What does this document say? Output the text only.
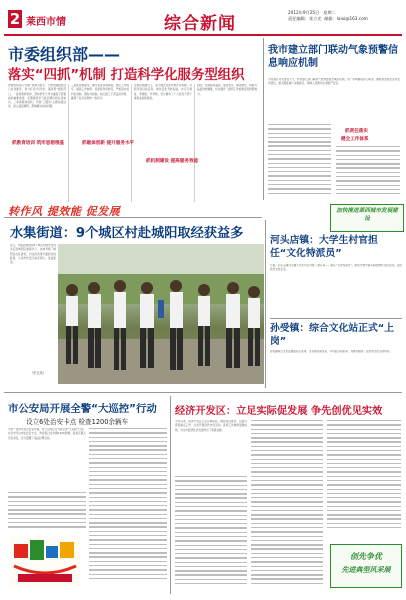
2 莱西市情	综合新闻
2012年9月25日 星期二
责任编辑：张立光 邮箱：laixi@163.com
市委组织部——
落实“四抓”机制 打造科学化服务型组织
市委组织部以“四抓”机制为抓手，不断加强组织部门自身建设，努力打造“科学化、服务型”组织部门。一是抓教育培训，坚持把学习作为提高干部素质的重要途径，定期组织学习政治理论和业务知识。二是抓载体创新，开展“三服务”主题实践活动，深入基层调研，帮助解决实际问题。
抓教育培训 筑牢思想根基
三是抓机制建设，健全完善各项制度，规范工作程序，提高工作效率。四是抓作风转变，严格落实首问负责制、限时办结制，树立组工干部良好形象，赢得了社会各界的一致好评。
抓载体创新 提升服务水平
在抓机制建设上，着力健全完善考核评价机制，对照年度目标任务，细化量化考核指标，实行月督查、季通报、年考核，充分调动了广大党员干部干事创业的积极性。
抓机制建设 提高服务效能
同时，坚持服务基层、服务党员、服务群众，积极为基层排忧解难，切实提升了组织工作的满意度和影响力。
转作风 提效能 促发展
我市建立部门联动气象预警信息响应机制
为有效应对灾害性天气，我市建立部门联动气象预警信息响应机制，进一步明确各部门职责，确保预警信息及时发布到位，最大限度减少灾害损失，保障人民群众生命财产安全。
抓责任落实
健全工作体系
加快推进莱西城市发展建设
水集街道：9个城区村赴城阳取经获益多
近日，水集街道组织9个城区村的党支部书记赴城阳区参观学习，实地考察了城阳区社区建设、村庄改造等方面的先进经验，大家纷纷表示收获很大，受益匪浅。
（史玉英）
河头店镇：大学生村官担任“文化特派员”
日前，河头店镇为全镇大学生村官分配了新任务——担任“文化特派员”，组织开展丰富多彩的群众文化活动，活跃农村文化生活。
孙受镇：综合文化站正式“上岗”
孙受镇综合文化站建成投入使用，设有图书阅览室、多功能活动室等，为群众提供了良好的文化活动场所。
市公安局开展全警“大巡控”行动
设立6处治安卡点 检查1200余辆车
为进一步净化社会治安环境，市公安局近日开展全警“大巡控”行动，在全市设立6处治安卡点，共检查过往车辆1200余辆，盘查可疑人员百余名，有力震慑了违法犯罪活动。
经济开发区：立足实际促发展 争先创优见实效
今年以来，经济开发区立足区域实际，围绕项目建设、招商引资等重点工作，扎实开展创先争优活动，各项工作取得显著成效，为全市经济社会发展作出了积极贡献。
创先争优
先进典型风采展
